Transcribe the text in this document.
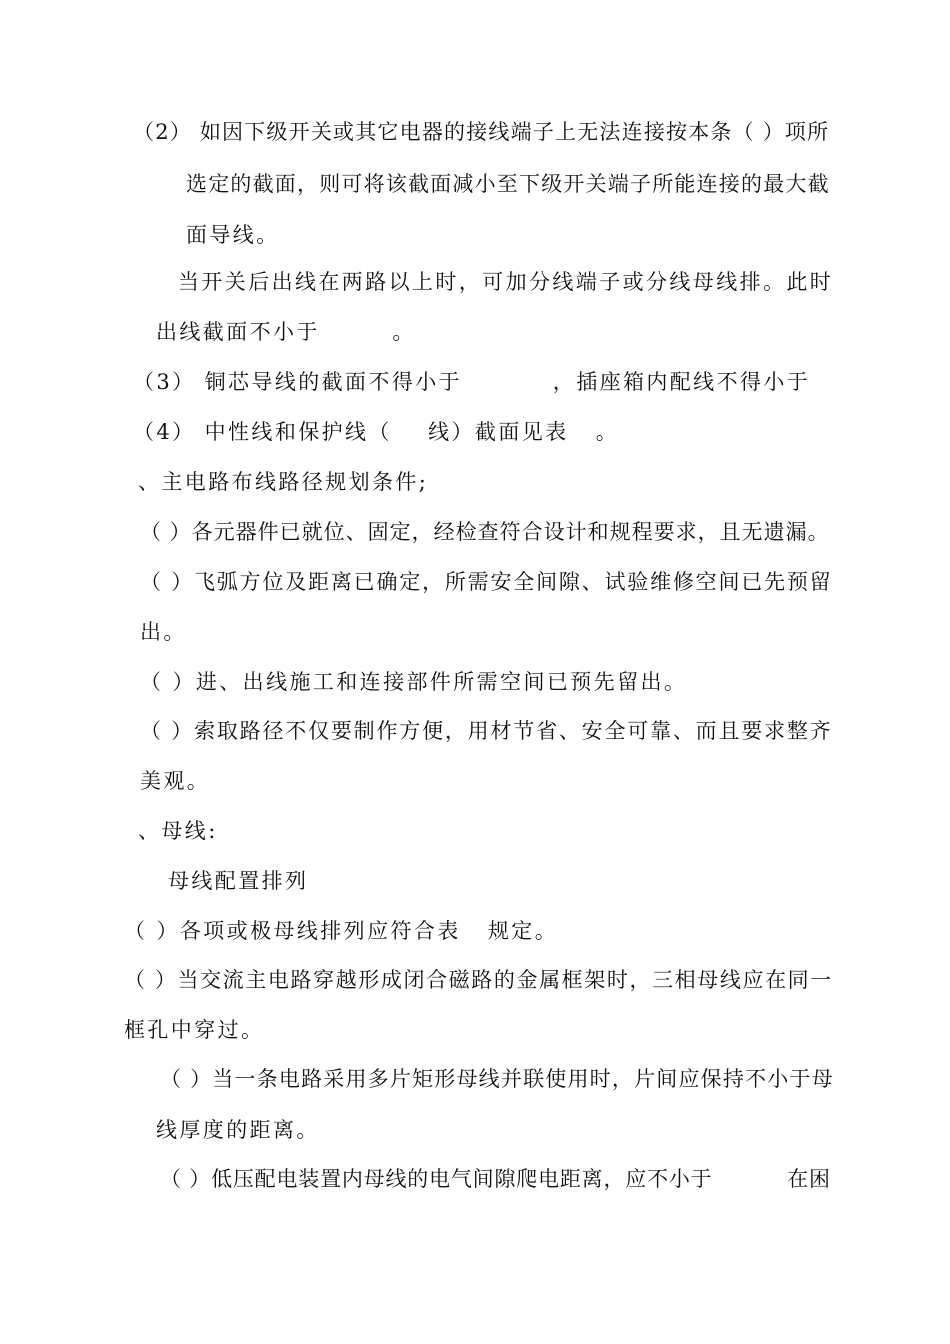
（2） 如因下级开关或其它电器的接线端子上无法连接按本条（ ）项所
选定的截面，则可将该截面减小至下级开关端子所能连接的最大截
面导线。
当开关后出线在两路以上时，可加分线端子或分线母线排。此时
出线截面不小于        。
（3） 铜芯导线的截面不得小于          ，插座箱内配线不得小于
（4） 中性线和保护线（    线）截面见表   。
、主电路布线路径规划条件;
（ ）各元器件已就位、固定，经检查符合设计和规程要求，且无遗漏。
（ ）飞弧方位及距离已确定，所需安全间隙、试验维修空间已先预留
出。
（ ）进、出线施工和连接部件所需空间已预先留出。
（ ）索取路径不仅要制作方便，用材节省、安全可靠、而且要求整齐
美观。
、母线:
母线配置排列
（ ）各项或极母线排列应符合表   规定。
（ ）当交流主电路穿越形成闭合磁路的金属框架时，三相母线应在同一
框孔中穿过。
（ ）当一条电路采用多片矩形母线并联使用时，片间应保持不小于母
线厚度的距离。
（ ）低压配电装置内母线的电气间隙爬电距离，应不小于          在困
